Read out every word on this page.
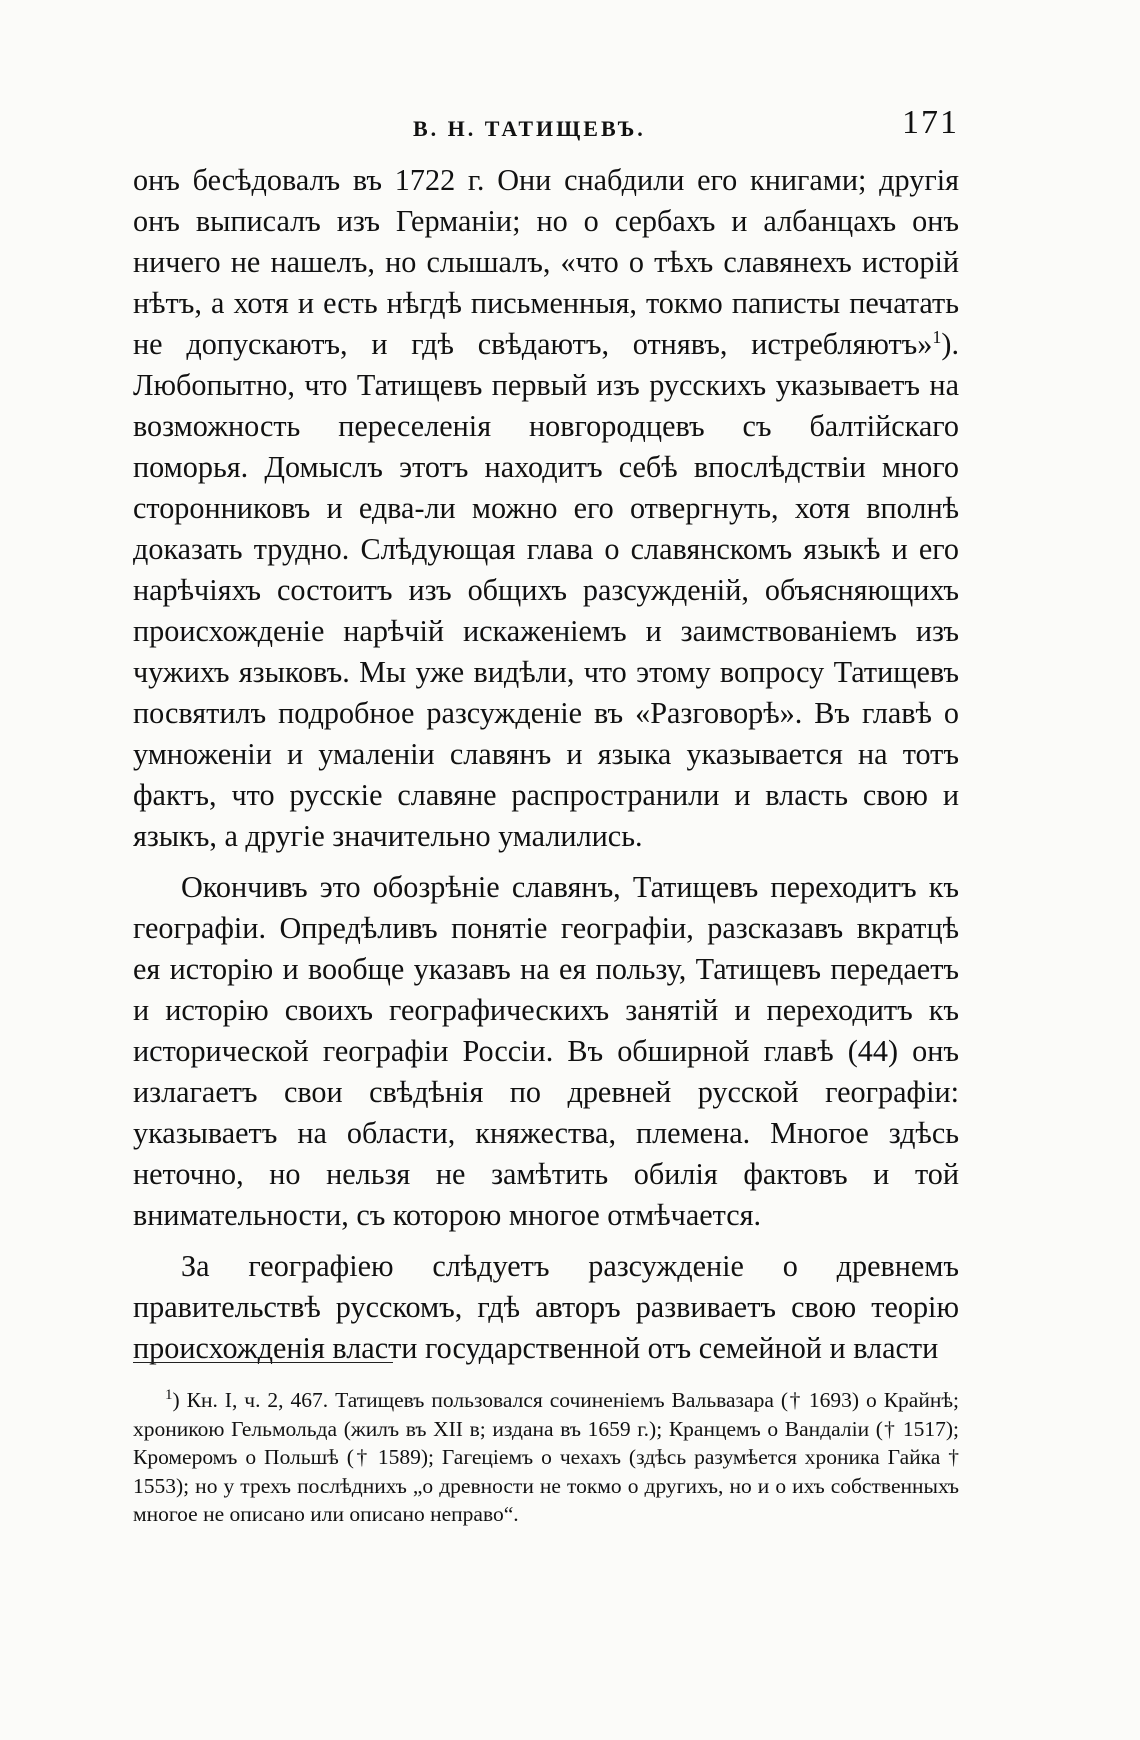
В. Н. ТАТИЩЕВЪ.	171

онъ бесѣдовалъ въ 1722 г. Они снабдили его книгами; другія онъ выписалъ изъ Германіи; но о сербахъ и албанцахъ онъ ничего не нашелъ, но слышалъ, «что о тѣхъ славянехъ исторій нѣтъ, а хотя и есть нѣгдѣ письменныя, токмо паписты печатать не допускаютъ, и гдѣ свѣдаютъ, отнявъ, истребляютъ»$^1$). Любопытно, что Татищевъ первый изъ русскихъ указываетъ на возможность переселенія новгородцевъ съ балтійскаго поморья. Домыслъ этотъ находитъ себѣ впослѣдствіи много сторонниковъ и едва-ли можно его отвергнуть, хотя вполнѣ доказать трудно. Слѣдующая глава о славянскомъ языкѣ и его нарѣчіяхъ состоитъ изъ общихъ разсужденій, объясняющихъ происхожденіе нарѣчій искаженіемъ и заимствованіемъ изъ чужихъ языковъ. Мы уже видѣли, что этому вопросу Татищевъ посвятилъ подробное разсужденіе въ «Разговорѣ». Въ главѣ о умноженіи и умаленіи славянъ и языка указывается на тотъ фактъ, что русскіе славяне распространили и власть свою и языкъ, а другіе значительно умалились.

Окончивъ это обозрѣніе славянъ, Татищевъ переходитъ къ географіи. Опредѣливъ понятіе географіи, разсказавъ вкратцѣ ея исторію и вообще указавъ на ея пользу, Татищевъ передаетъ и исторію своихъ географическихъ занятій и переходитъ къ исторической географіи Россіи. Въ обширной главѣ (44) онъ излагаетъ свои свѣдѣнія по древней русской географіи: указываетъ на области, княжества, племена. Многое здѣсь неточно, но нельзя не замѣтить обилія фактовъ и той внимательности, съ которою многое отмѣчается.

За географіею слѣдуетъ разсужденіе о древнемъ правительствѣ русскомъ, гдѣ авторъ развиваетъ свою теорію происхожденія власти государственной отъ семейной и власти

$^1$) Кн. I, ч. 2, 467. Татищевъ пользовался сочиненіемъ Вальвазара († 1693) о Крайнѣ; хроникою Гельмольда (жилъ въ XII в; издана въ 1659 г.); Кранцемъ о Вандаліи († 1517); Кромеромъ о Польшѣ († 1589); Гагеціемъ о чехахъ (здѣсь разумѣется хроника Гайка † 1553); но у трехъ послѣднихъ „о древности не токмо о другихъ, но и о ихъ собственныхъ многое не описано или описано неправо“.
